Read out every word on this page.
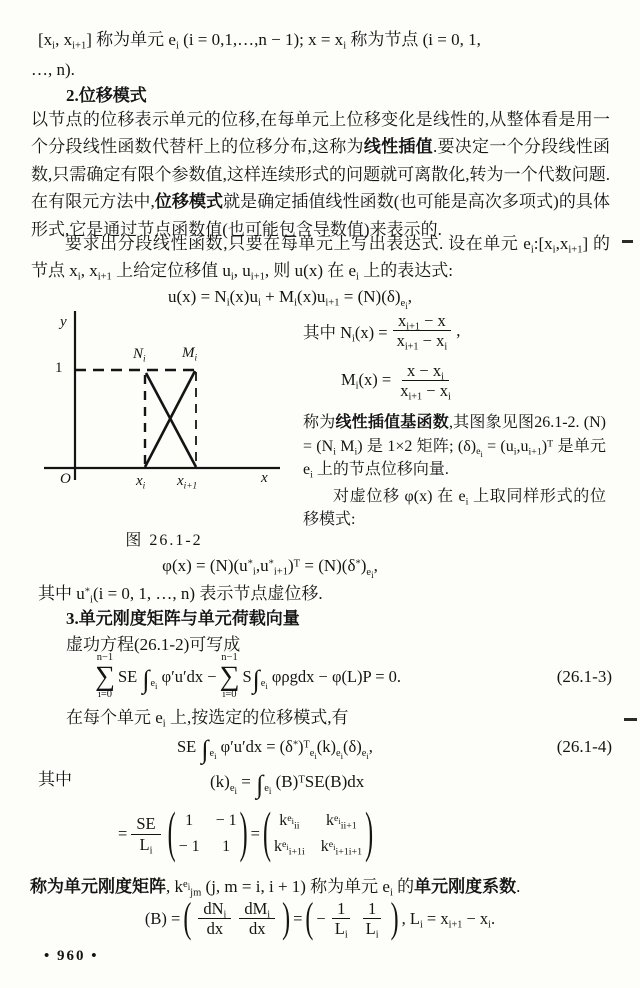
[$x_i$, $x_{i+1}$] 称为单元 $e_i$ (i = 0,1,…,n − 1); $x = x_i$ 称为节点 (i = 0, 1,
…, n).
2.位移模式
以节点的位移表示单元的位移,在每单元上位移变化是线性的,从整体看是用一个分段线性函数代替杆上的位移分布,这称为线性插值.要决定一个分段线性函数,只需确定有限个参数值,这样连续形式的问题就可离散化,转为一个代数问题. 在有限元方法中,位移模式就是确定插值线性函数(也可能是高次多项式)的具体形式,它是通过节点函数值(也可能包含导数值)来表示的.
要求出分段线性函数,只要在每单元上写出表达式. 设在单元 $e_i:[x_i,x_{i+1}]$ 的节点 $x_i$, $x_{i+1}$ 上给定位移值 $u_i$, $u_{i+1}$, 则 u(x) 在 $e_i$ 上的表达式:
$u(x) = N_i(x)u_i + M_i(x)u_{i+1} = (N)(\delta)_{e_i}$,
y
1
$N_i$ $M_i$
O	$x_i$ $x_{i+1}$
x
图 26.1-2
其中 $N_i(x) = \frac{x_{i+1} - x}{x_{i+1} - x_i}$ ,
$M_i(x) = \frac{x - x_i}{x_{i+1} - x_i}$
称为线性插值基函数,其图象见图26.1-2. $(N) = (N_i$ $M_i$) 是 1×2 矩阵; $(\delta)_{e_i} = (u_i,u_{i+1})^T$ 是单元 $e_i$ 上的节点位移向量.
对虚位移 φ(x) 在 $e_i$ 上取同样形式的位移模式:
$\varphi(x) = (N)(u^*_i,u^*_{i+1})^T = (N)(\delta^*)_{e_i}$,
其中 $u^*_i(i = 0$, 1, …, n) 表示节点虚位移.
3.单元刚度矩阵与单元荷载向量
虚功方程(26.1-2)可写成
n−1
∑
i=0
SE $\int_{e_i}$ φ′u′dx −
n−1
∑
i=0
$S\int_{e_i}$ φρgdx − φ(L)P = 0.	(26.1-3)
在每个单元 $e_i$ 上,按选定的位移模式,有
SE $\int_{e_i}$ $\varphi'u'dx = (\delta^*)^T_{e_i}(k)_{e_i}(\delta)_{e_i}$,	(26.1-4)
其中	$(k)_{e_i} = \int_{e_i}$ $(B)^TSE(B)dx$
= $\frac{SE}{L_i}$ ( 1	− 1
− 1	1 ) = ( $k^{e_i}_{ii}$	$k^{e_i}_{ii+1}$
$k^{e_i}_{i+1i}$ $k^{e_i}_{i+1i+1}$ )
称为单元刚度矩阵, $k^{e_i}_{jm}$ (j, m = i, i + 1) 称为单元 $e_i$ 的单元刚度系数.
(B) = ( $\frac{dN_i}{dx} \frac{dM_i}{dx}$ ) = ( − $\frac{1}{L_i} \frac{1}{L_i}$ ) , $L_i = x_{i+1} - x_i$.
• 960 •
